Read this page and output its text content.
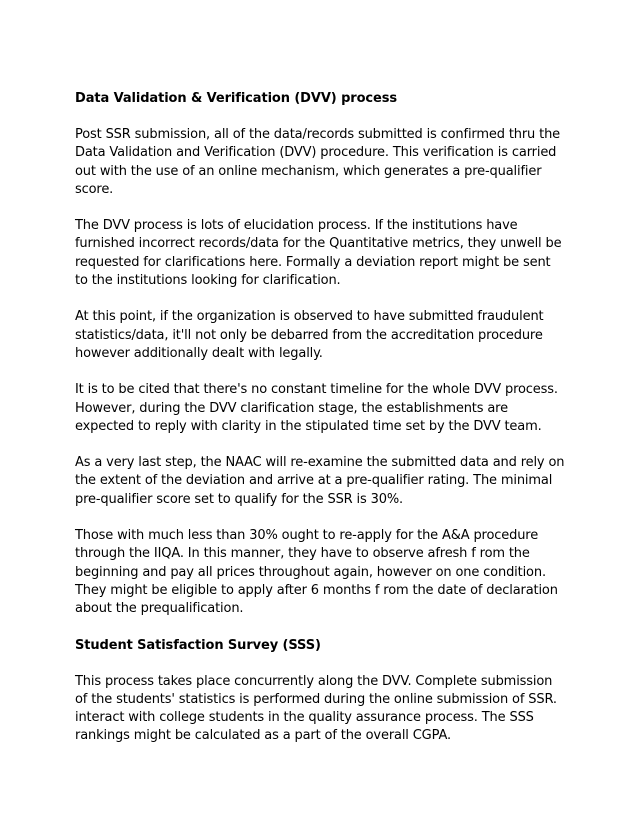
Data Validation & Verification (DVV) process
Post SSR submission, all of the data/records submitted is confirmed thru the
Data Validation and Verification (DVV) procedure. This verification is carried
out with the use of an online mechanism, which generates a pre-qualifier
score.
The DVV process is lots of elucidation process. If the institutions have
furnished incorrect records/data for the Quantitative metrics, they unwell be
requested for clarifications here. Formally a deviation report might be sent
to the institutions looking for clarification.
At this point, if the organization is observed to have submitted fraudulent
statistics/data, it'll not only be debarred from the accreditation procedure
however additionally dealt with legally.
It is to be cited that there's no constant timeline for the whole DVV process.
However, during the DVV clarification stage, the establishments are
expected to reply with clarity in the stipulated time set by the DVV team.
As a very last step, the NAAC will re-examine the submitted data and rely on
the extent of the deviation and arrive at a pre-qualifier rating. The minimal
pre-qualifier score set to qualify for the SSR is 30%.
Those with much less than 30% ought to re-apply for the A&A procedure
through the IIQA. In this manner, they have to observe afresh f rom the
beginning and pay all prices throughout again, however on one condition.
They might be eligible to apply after 6 months f rom the date of declaration
about the prequalification.
Student Satisfaction Survey (SSS)
This process takes place concurrently along the DVV. Complete submission
of the students' statistics is performed during the online submission of SSR.
interact with college students in the quality assurance process. The SSS
rankings might be calculated as a part of the overall CGPA.
